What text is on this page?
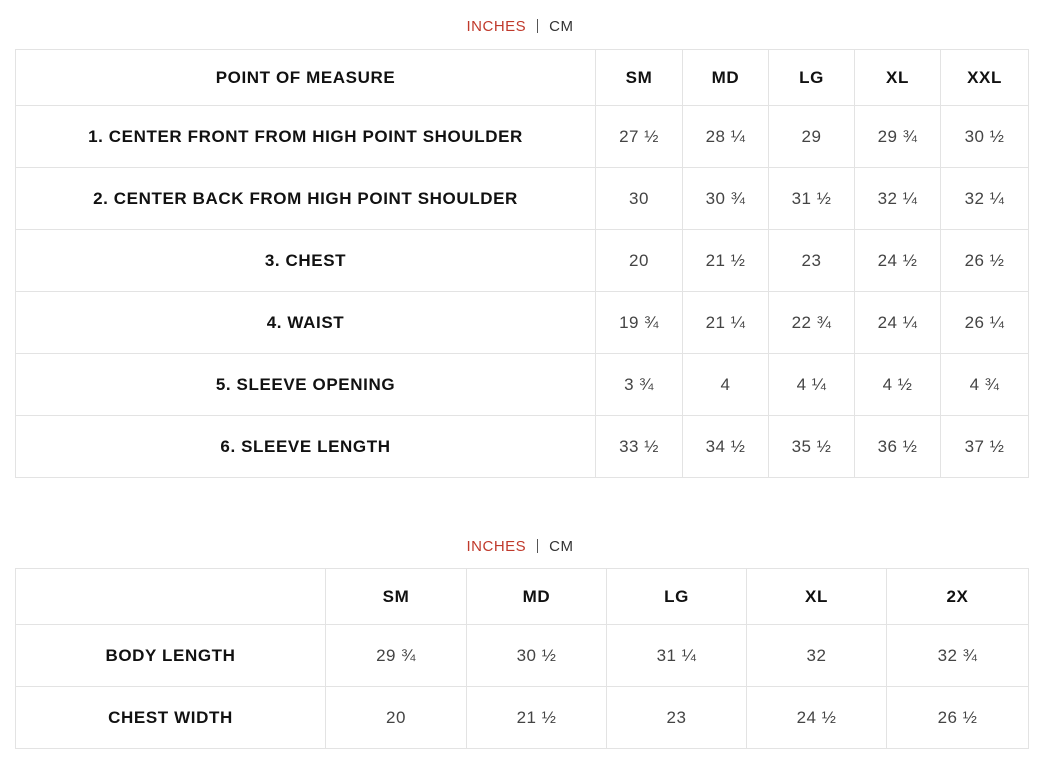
INCHES CM
POINT OF MEASURE	SM	MD	LG	XL	XXL
1. CENTER FRONT FROM HIGH POINT SHOULDER	27 ½	28 ¼	29	29 ¾	30 ½
2. CENTER BACK FROM HIGH POINT SHOULDER	30	30 ¾	31 ½	32 ¼	32 ¼
3. CHEST	20	21 ½	23	24 ½	26 ½
4. WAIST	19 ¾	21 ¼	22 ¾	24 ¼	26 ¼
5. SLEEVE OPENING	3 ¾	4	4 ¼	4 ½	4 ¾
6. SLEEVE LENGTH	33 ½	34 ½	35 ½	36 ½	37 ½
INCHES CM
	SM	MD	LG	XL	2X
BODY LENGTH	29 ¾	30 ½	31 ¼	32	32 ¾
CHEST WIDTH	20	21 ½	23	24 ½	26 ½
